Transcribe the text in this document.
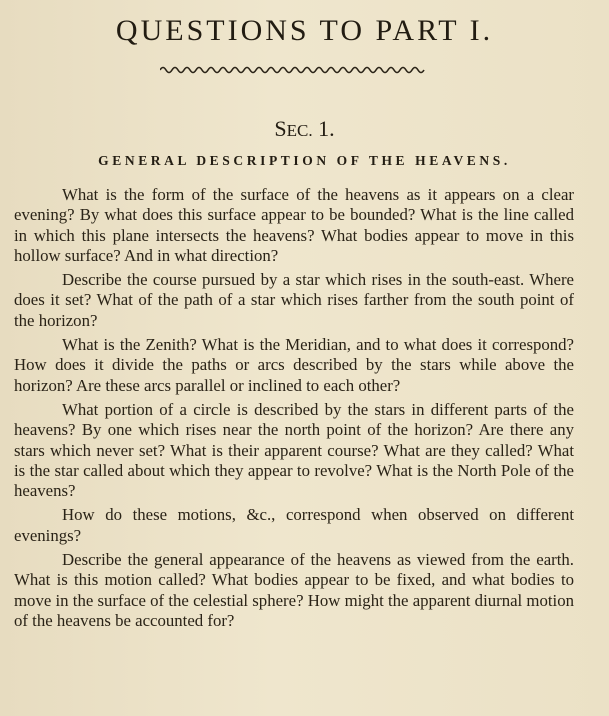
QUESTIONS TO PART I.
SEC. 1.
GENERAL DESCRIPTION OF THE HEAVENS.

What is the form of the surface of the heavens as it appears on a clear evening? By what does this surface appear to be bounded? What is the line called in which this plane intersects the heavens? What bodies appear to move in this hollow surface? And in what direction?

Describe the course pursued by a star which rises in the south-east. Where does it set? What of the path of a star which rises farther from the south point of the horizon?

What is the Zenith? What is the Meridian, and to what does it correspond? How does it divide the paths or arcs described by the stars while above the horizon? Are these arcs parallel or inclined to each other?

What portion of a circle is described by the stars in different parts of the heavens? By one which rises near the north point of the horizon? Are there any stars which never set? What is their apparent course? What are they called? What is the star called about which they appear to revolve? What is the North Pole of the heavens?

How do these motions, &c., correspond when observed on different evenings?

Describe the general appearance of the heavens as viewed from the earth. What is this motion called? What bodies appear to be fixed, and what bodies to move in the surface of the celestial sphere? How might the apparent diurnal motion of the heavens be accounted for?
